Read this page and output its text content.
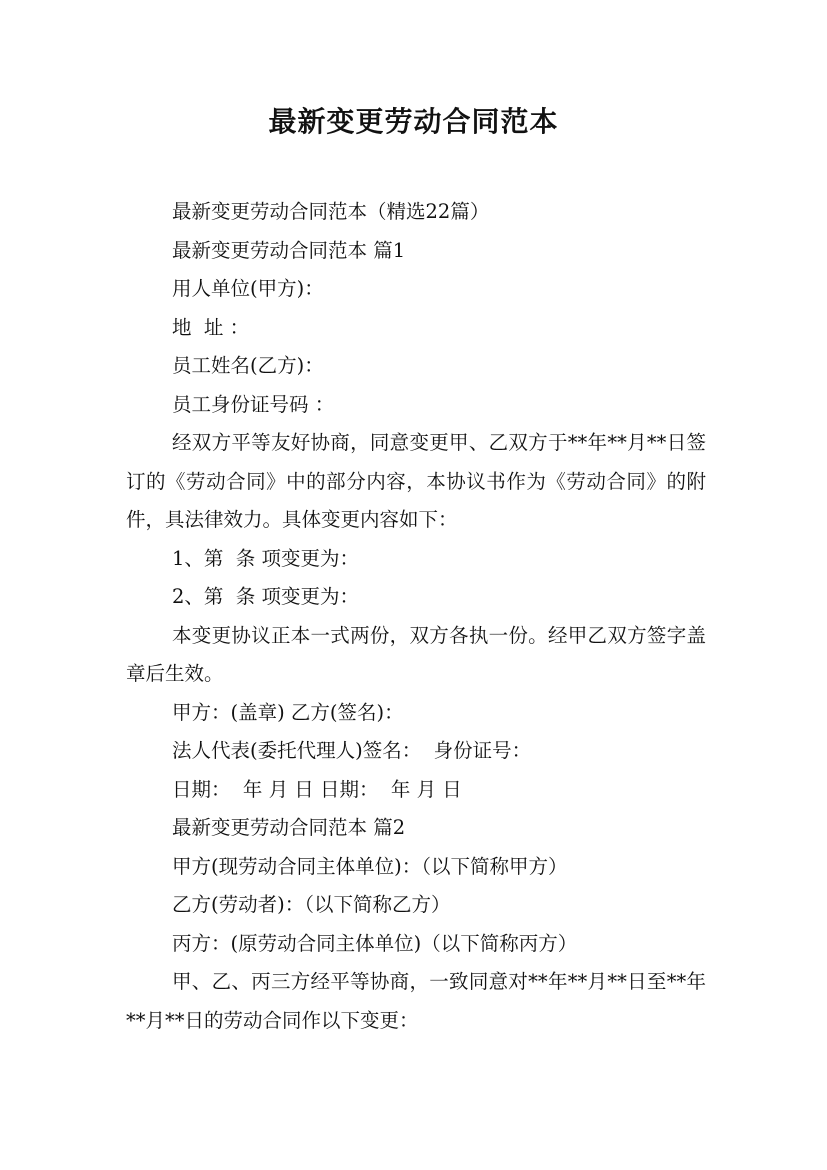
最新变更劳动合同范本

最新变更劳动合同范本（精选22篇）

最新变更劳动合同范本 篇1

用人单位(甲方)：

地  址 ：

员工姓名(乙方)：

员工身份证号码 ：

经双方平等友好协商，同意变更甲、乙双方于**年**月**日签订的《劳动合同》中的部分内容，本协议书作为《劳动合同》的附件，具法律效力。具体变更内容如下：

1、第  条 项变更为：

2、第  条 项变更为：

本变更协议正本一式两份，双方各执一份。经甲乙双方签字盖章后生效。

甲方：(盖章) 乙方(签名)：

法人代表(委托代理人)签名：  身份证号：

日期：  年 月 日 日期：  年 月 日

最新变更劳动合同范本 篇2

甲方(现劳动合同主体单位)：（以下简称甲方）

乙方(劳动者)：（以下简称乙方）

丙方：(原劳动合同主体单位)（以下简称丙方）

甲、乙、丙三方经平等协商，一致同意对**年**月**日至**年**月**日的劳动合同作以下变更：
